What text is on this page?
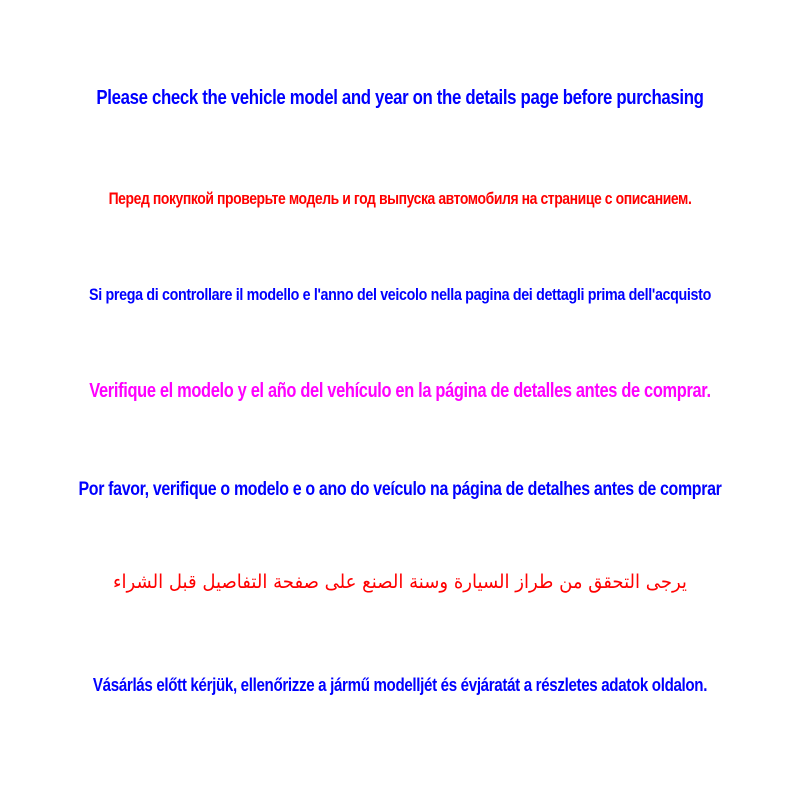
Please check the vehicle model and year on the details page before purchasing
Перед покупкой проверьте модель и год выпуска автомобиля на странице с описанием.
Si prega di controllare il modello e l'anno del veicolo nella pagina dei dettagli prima dell'acquisto
Verifique el modelo y el año del vehículo en la página de detalles antes de comprar.
Por favor, verifique o modelo e o ano do veículo na página de detalhes antes de comprar
يرجى التحقق من طراز السيارة وسنة الصنع على صفحة التفاصيل قبل الشراء
Vásárlás előtt kérjük, ellenőrizze a jármű modelljét és évjáratát a részletes adatok oldalon.
